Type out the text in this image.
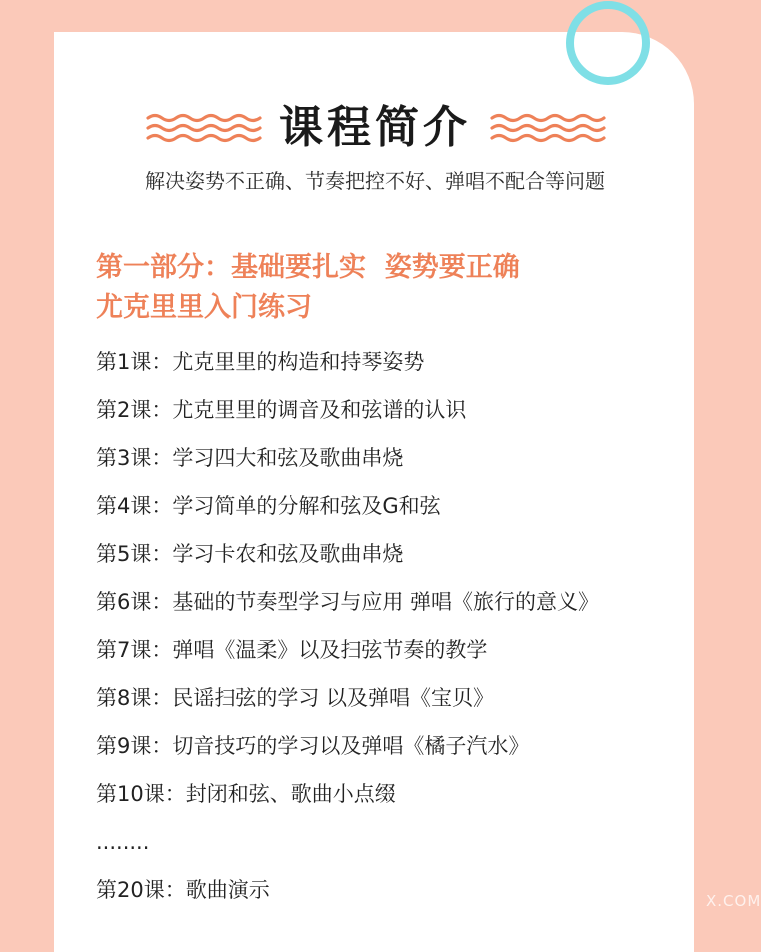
课程简介

解决姿势不正确、节奏把控不好、弹唱不配合等问题

第一部分：基础要扎实  姿势要正确
尤克里里入门练习
第1课：尤克里里的构造和持琴姿势
第2课：尤克里里的调音及和弦谱的认识
第3课：学习四大和弦及歌曲串烧
第4课：学习简单的分解和弦及G和弦
第5课：学习卡农和弦及歌曲串烧
第6课：基础的节奏型学习与应用 弹唱《旅行的意义》
第7课：弹唱《温柔》以及扫弦节奏的教学
第8课：民谣扫弦的学习 以及弹唱《宝贝》
第9课：切音技巧的学习以及弹唱《橘子汽水》
第10课：封闭和弦、歌曲小点缀
........
第20课：歌曲演示	X.COM
